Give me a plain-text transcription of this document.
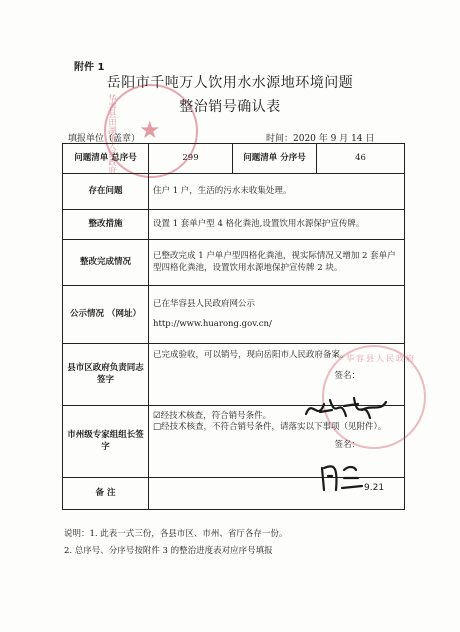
★
华容县田湖镇人民政府
附件 1
岳阳市千吨万人饮用水水源地环境问题
整治销号确认表
填报单位（盖章）	时间：2020 年 9 月 14 日
问题清单 总序号	299	问题清单 分序号	46
存在问题	住户 1 户，生活的污水未收集处理。		
整改措施	设置 1 套单户型 4 格化粪池,设置饮用水源保护宣传牌。		
整改完成情况	已整改完成 1 户单户型四格化粪池，视实际情况又增加 2 套单户型四格化粪池，设置饮用水源地保护宣传牌 2 块。		
公示情况 （网址）	已在华容县人民政府网公示
http://www.huarong.gov.cn/		

县市区政府负责同志签字	已完成验收，可以销号，现向岳阳市人民政府备案。
签名：		

市州级专家组组长签字	☑经技术核查，符合销号条件。
□经技术核查，不符合销号条件，请落实以下事项（见附件）。
签名：		

备 注			
华容县人民政府
9.21
说明：1. 此表一式三份，各县市区、市州、省厅各存一份。
2. 总序号、分序号按附件 3 的整治进度表对应序号填报
